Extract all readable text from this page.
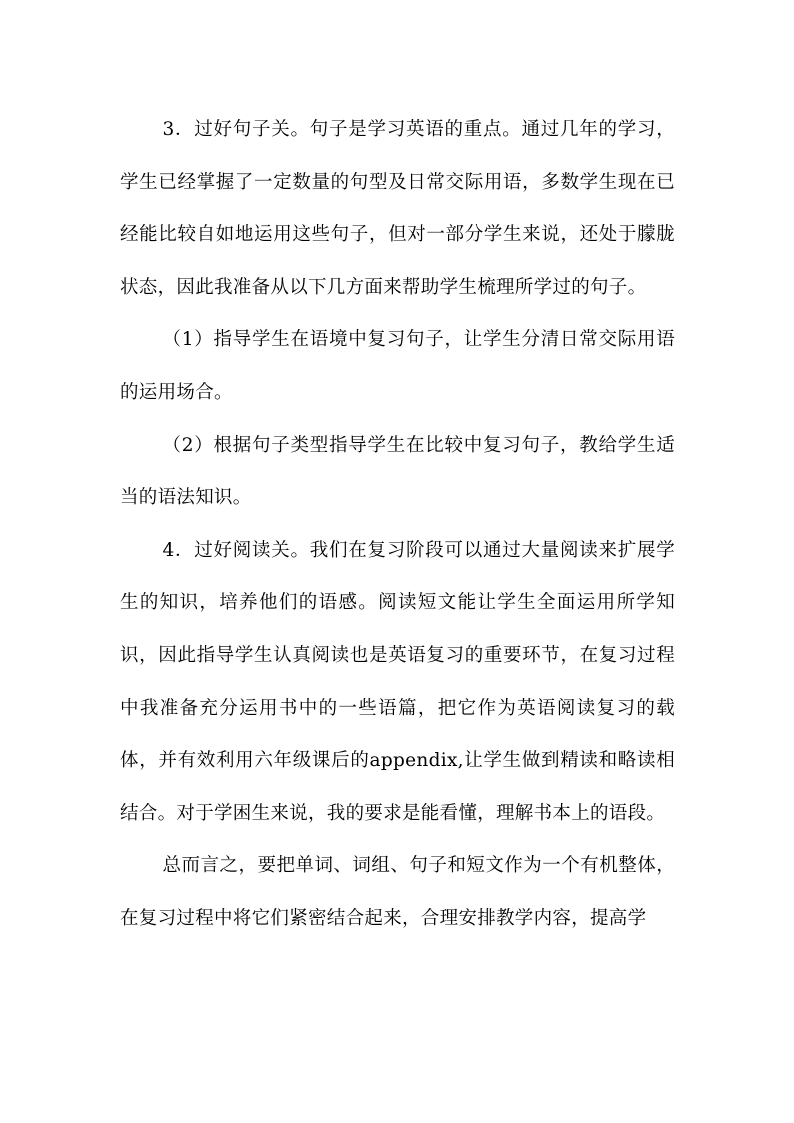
3．过好句子关。句子是学习英语的重点。通过几年的学习，学生已经掌握了一定数量的句型及日常交际用语，多数学生现在已经能比较自如地运用这些句子，但对一部分学生来说，还处于朦胧状态，因此我准备从以下几方面来帮助学生梳理所学过的句子。

（1）指导学生在语境中复习句子，让学生分清日常交际用语的运用场合。

（2）根据句子类型指导学生在比较中复习句子，教给学生适当的语法知识。

4．过好阅读关。我们在复习阶段可以通过大量阅读来扩展学生的知识，培养他们的语感。阅读短文能让学生全面运用所学知识，因此指导学生认真阅读也是英语复习的重要环节，在复习过程中我准备充分运用书中的一些语篇，把它作为英语阅读复习的载体，并有效利用六年级课后的appendix,让学生做到精读和略读相结合。对于学困生来说，我的要求是能看懂，理解书本上的语段。

总而言之，要把单词、词组、句子和短文作为一个有机整体，在复习过程中将它们紧密结合起来，合理安排教学内容，提高学
